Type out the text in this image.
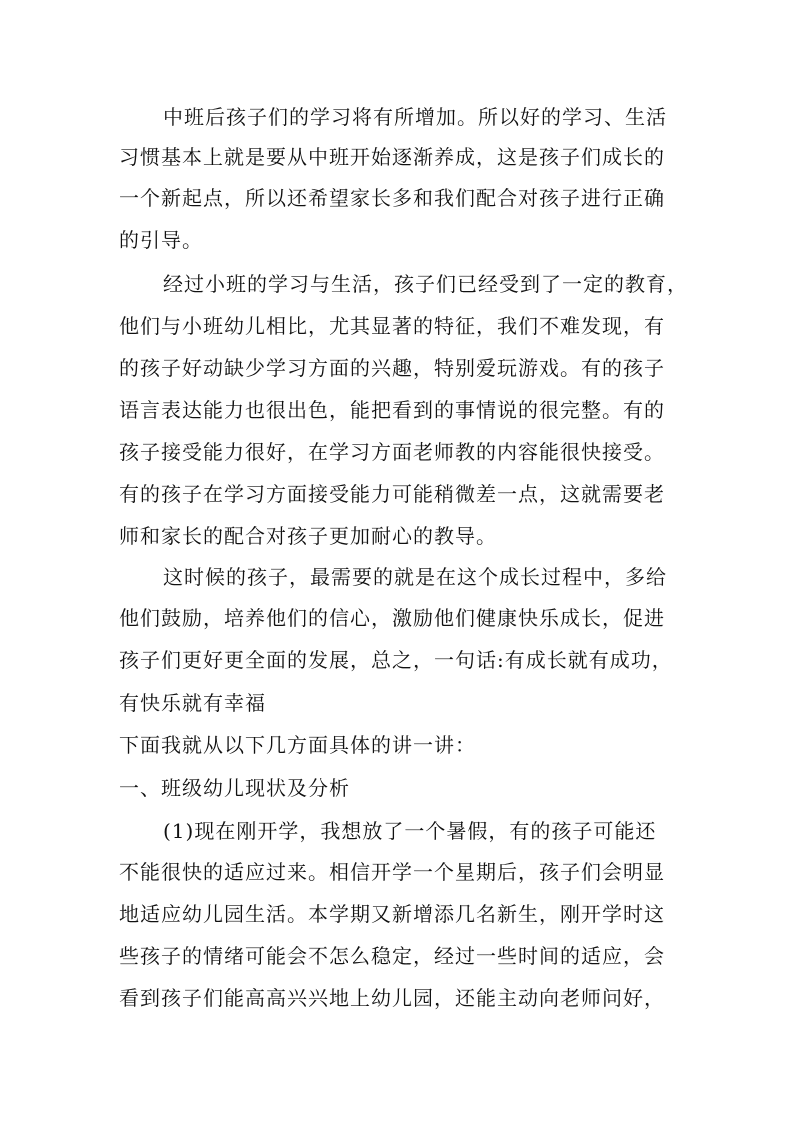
中班后孩子们的学习将有所增加。所以好的学习、生活
习惯基本上就是要从中班开始逐渐养成，这是孩子们成长的
一个新起点，所以还希望家长多和我们配合对孩子进行正确
的引导。
经过小班的学习与生活，孩子们已经受到了一定的教育，
他们与小班幼儿相比，尤其显著的特征，我们不难发现，有
的孩子好动缺少学习方面的兴趣，特别爱玩游戏。有的孩子
语言表达能力也很出色，能把看到的事情说的很完整。有的
孩子接受能力很好，在学习方面老师教的内容能很快接受。
有的孩子在学习方面接受能力可能稍微差一点，这就需要老
师和家长的配合对孩子更加耐心的教导。
这时候的孩子，最需要的就是在这个成长过程中，多给
他们鼓励，培养他们的信心，激励他们健康快乐成长，促进
孩子们更好更全面的发展，总之，一句话:有成长就有成功，
有快乐就有幸福
下面我就从以下几方面具体的讲一讲：
一、班级幼儿现状及分析
(1)现在刚开学，我想放了一个暑假，有的孩子可能还
不能很快的适应过来。相信开学一个星期后，孩子们会明显
地适应幼儿园生活。本学期又新增添几名新生，刚开学时这
些孩子的情绪可能会不怎么稳定，经过一些时间的适应，会
看到孩子们能高高兴兴地上幼儿园，还能主动向老师问好，
